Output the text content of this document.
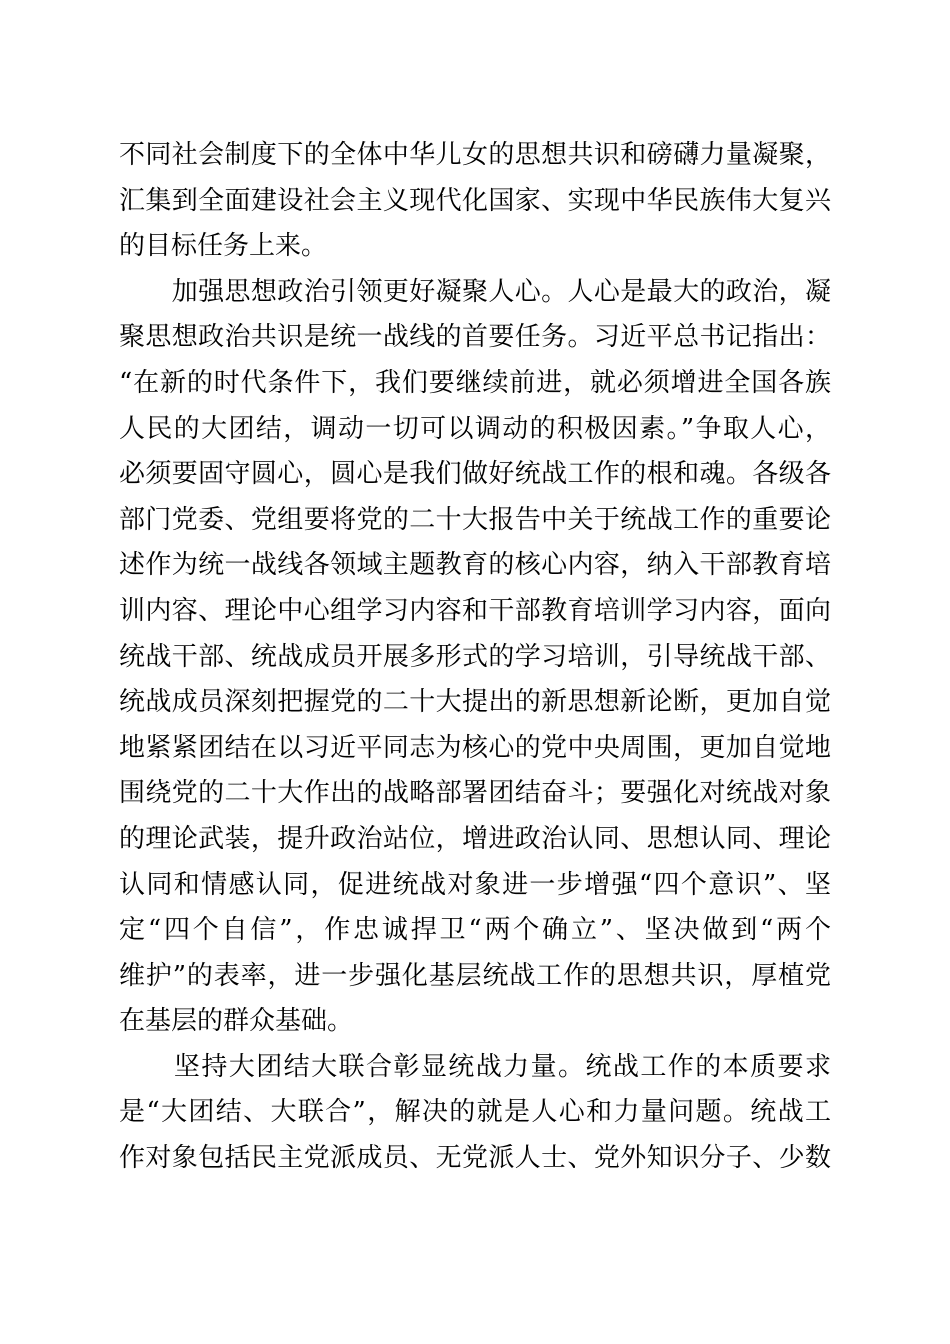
不同社会制度下的全体中华儿女的思想共识和磅礴力量凝聚，
汇集到全面建设社会主义现代化国家、实现中华民族伟大复兴
的目标任务上来。
　　加强思想政治引领更好凝聚人心。人心是最大的政治，凝
聚思想政治共识是统一战线的首要任务。习近平总书记指出：
“在新的时代条件下，我们要继续前进，就必须增进全国各族
人民的大团结，调动一切可以调动的积极因素。”争取人心，
必须要固守圆心，圆心是我们做好统战工作的根和魂。各级各
部门党委、党组要将党的二十大报告中关于统战工作的重要论
述作为统一战线各领域主题教育的核心内容，纳入干部教育培
训内容、理论中心组学习内容和干部教育培训学习内容，面向
统战干部、统战成员开展多形式的学习培训，引导统战干部、
统战成员深刻把握党的二十大提出的新思想新论断，更加自觉
地紧紧团结在以习近平同志为核心的党中央周围，更加自觉地
围绕党的二十大作出的战略部署团结奋斗；要强化对统战对象
的理论武装，提升政治站位，增进政治认同、思想认同、理论
认同和情感认同，促进统战对象进一步增强“四个意识”、坚
定“四个自信”，作忠诚捍卫“两个确立”、坚决做到“两个
维护”的表率，进一步强化基层统战工作的思想共识，厚植党
在基层的群众基础。
　　坚持大团结大联合彰显统战力量。统战工作的本质要求
是“大团结、大联合”，解决的就是人心和力量问题。统战工
作对象包括民主党派成员、无党派人士、党外知识分子、少数
